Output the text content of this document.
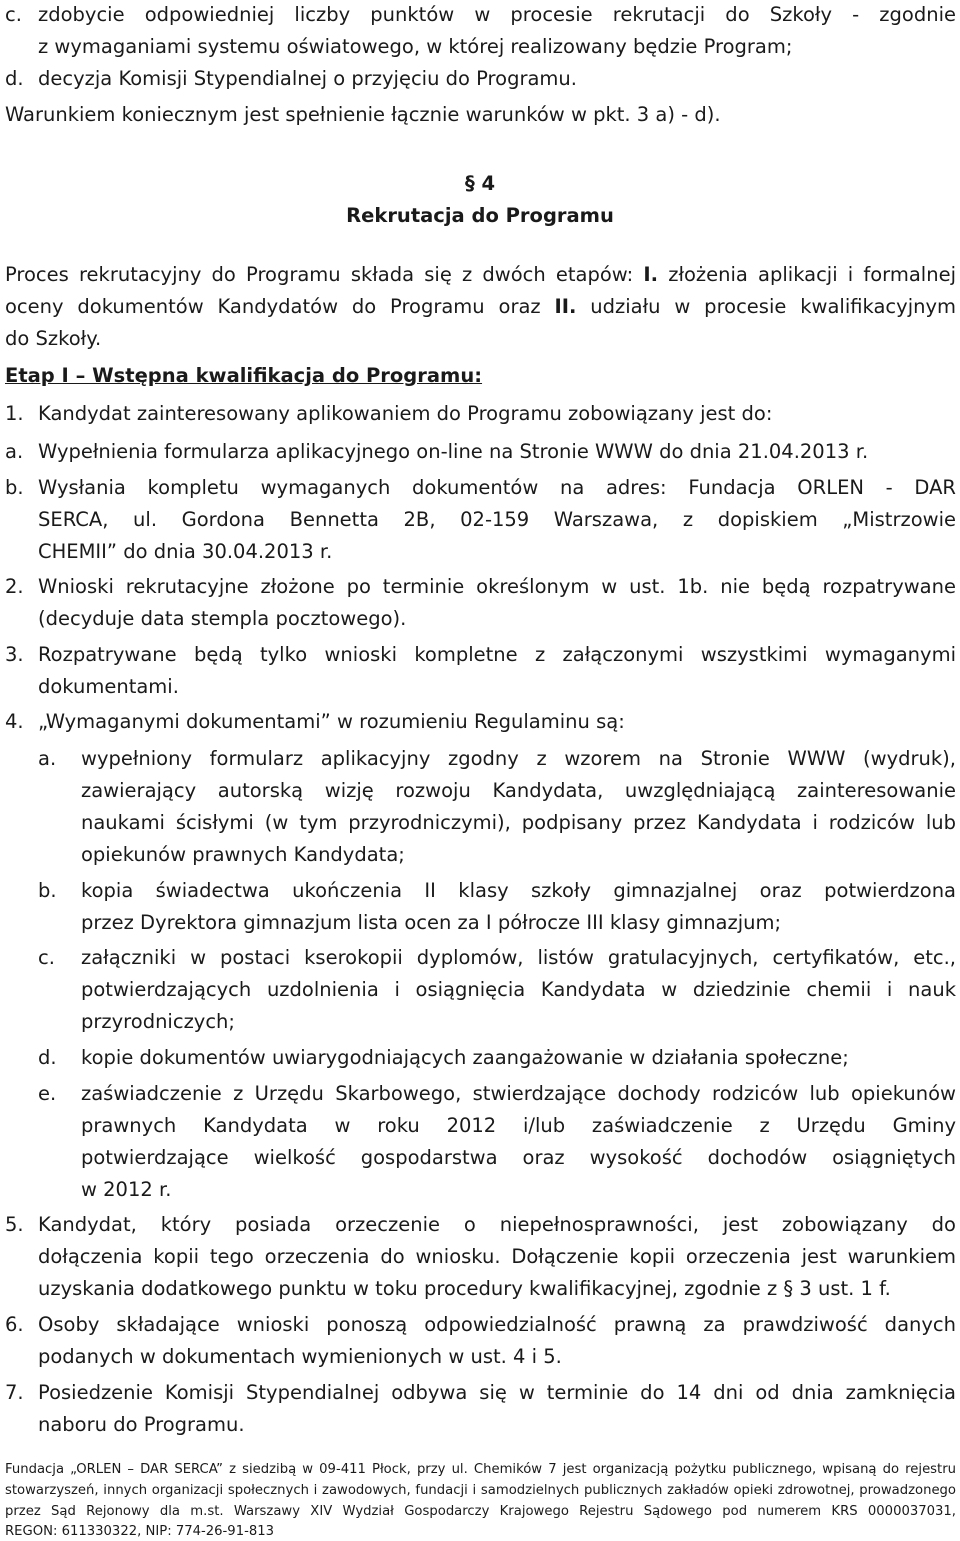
c. zdobycie odpowiedniej liczby punktów w procesie rekrutacji do Szkoły - zgodnie
z wymaganiami systemu oświatowego, w której realizowany będzie Program;
d. decyzja Komisji Stypendialnej o przyjęciu do Programu.
Warunkiem koniecznym jest spełnienie łącznie warunków w pkt. 3 a) - d).
§ 4
Rekrutacja do Programu
Proces rekrutacyjny do Programu składa się z dwóch etapów: I. złożenia aplikacji i formalnej
oceny dokumentów Kandydatów do Programu oraz II. udziału w procesie kwalifikacyjnym
do Szkoły.
Etap I – Wstępna kwalifikacja do Programu:
1. Kandydat zainteresowany aplikowaniem do Programu zobowiązany jest do:
a. Wypełnienia formularza aplikacyjnego on-line na Stronie WWW do dnia 21.04.2013 r.
b. Wysłania kompletu wymaganych dokumentów na adres: Fundacja ORLEN - DAR
SERCA, ul. Gordona Bennetta 2B, 02-159 Warszawa, z dopiskiem „Mistrzowie
CHEMII” do dnia 30.04.2013 r.
2. Wnioski rekrutacyjne złożone po terminie określonym w ust. 1b. nie będą rozpatrywane
(decyduje data stempla pocztowego).
3. Rozpatrywane będą tylko wnioski kompletne z załączonymi wszystkimi wymaganymi
dokumentami.
4. „Wymaganymi dokumentami” w rozumieniu Regulaminu są:
a. wypełniony formularz aplikacyjny zgodny z wzorem na Stronie WWW (wydruk),
zawierający autorską wizję rozwoju Kandydata, uwzględniającą zainteresowanie
naukami ścisłymi (w tym przyrodniczymi), podpisany przez Kandydata i rodziców lub
opiekunów prawnych Kandydata;
b. kopia świadectwa ukończenia II klasy szkoły gimnazjalnej oraz potwierdzona
przez Dyrektora gimnazjum lista ocen za I półrocze III klasy gimnazjum;
c. załączniki w postaci kserokopii dyplomów, listów gratulacyjnych, certyfikatów, etc.,
potwierdzających uzdolnienia i osiągnięcia Kandydata w dziedzinie chemii i nauk
przyrodniczych;
d. kopie dokumentów uwiarygodniających zaangażowanie w działania społeczne;
e. zaświadczenie z Urzędu Skarbowego, stwierdzające dochody rodziców lub opiekunów
prawnych Kandydata w roku 2012 i/lub zaświadczenie z Urzędu Gminy
potwierdzające wielkość gospodarstwa oraz wysokość dochodów osiągniętych
w 2012 r.
5. Kandydat, który posiada orzeczenie o niepełnosprawności, jest zobowiązany do
dołączenia kopii tego orzeczenia do wniosku. Dołączenie kopii orzeczenia jest warunkiem
uzyskania dodatkowego punktu w toku procedury kwalifikacyjnej, zgodnie z § 3 ust. 1 f.
6. Osoby składające wnioski ponoszą odpowiedzialność prawną za prawdziwość danych
podanych w dokumentach wymienionych w ust. 4 i 5.
7. Posiedzenie Komisji Stypendialnej odbywa się w terminie do 14 dni od dnia zamknięcia
naboru do Programu.
Fundacja „ORLEN – DAR SERCA” z siedzibą w 09-411 Płock, przy ul. Chemików 7 jest organizacją pożytku publicznego, wpisaną do rejestru
stowarzyszeń, innych organizacji społecznych i zawodowych, fundacji i samodzielnych publicznych zakładów opieki zdrowotnej, prowadzonego
przez Sąd Rejonowy dla m.st. Warszawy XIV Wydział Gospodarczy Krajowego Rejestru Sądowego pod numerem KRS 0000037031,
REGON: 611330322, NIP: 774-26-91-813
